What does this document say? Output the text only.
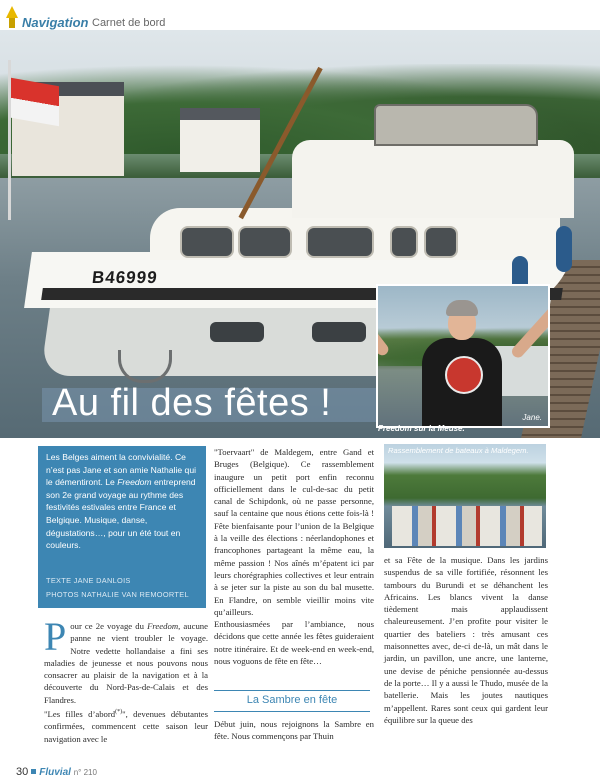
Navigation Carnet de bord
B46999
Au fil des fêtes !	Jane.
Freedom sur la Meuse.
Les Belges aiment la convivialité. Ce n’est pas Jane et son amie Nathalie qui le démentiront. Le Freedom entreprend son 2e grand voyage au rythme des festivités estivales entre France et Belgique. Musique, danse, dégustations…, pour un été tout en couleurs.
TEXTE JANE DANLOIS
PHOTOS NATHALIE VAN REMOORTEL
Pour ce 2e voyage du Freedom, aucune panne ne vient troubler le voyage. Notre vedette hollandaise a fini ses maladies de jeunesse et nous pouvons nous consacrer au plaisir de la navigation et à la découverte du Nord-Pas-de-Calais et des Flandres.
"Les filles d’abord(*)", devenues débutantes confirmées, commencent cette saison leur navigation avec le
"Toervaart" de Maldegem, entre Gand et Bruges (Belgique). Ce rassemblement inaugure un petit port enfin reconnu officiellement dans le cul-de-sac du petit canal de Schipdonk, où ne passe personne, sauf la centaine que nous étions cette fois-là ! Fête bienfaisante pour l’union de la Belgique à la veille des élections : néerlandophones et francophones partageant la même eau, la même passion ! Nos aînés m’épatent ici par leurs chorégraphies collectives et leur entrain à se jeter sur la piste au son du bal musette. En Flandre, on semble vieillir moins vite qu’ailleurs.
Enthousiasmées par l’ambiance, nous décidons que cette année les fêtes guideraient notre itinéraire. Et de week-end en week-end, nous voguons de fête en fête…
La Sambre en fête
Début juin, nous rejoignons la Sambre en fête. Nous commençons par Thuin
Rassemblement de bateaux à Maldegem.
et sa Fête de la musique. Dans les jardins suspendus de sa ville fortifiée, résonnent les tambours du Burundi et se déhanchent les Africains. Les blancs vivent la danse tièdement mais applaudissent chaleureusement. J’en profite pour visiter le quartier des bateliers : très amusant ces maisonnettes avec, de-ci de-là, un mât dans le jardin, un pavillon, une ancre, une lanterne, une devise de péniche pensionnée au-dessus de la porte… Il y a aussi le Thudo, musée de la batellerie. Mais les joutes nautiques m’appellent. Rares sont ceux qui gardent leur équilibre sur la queue des
30 Fluvial n° 210
